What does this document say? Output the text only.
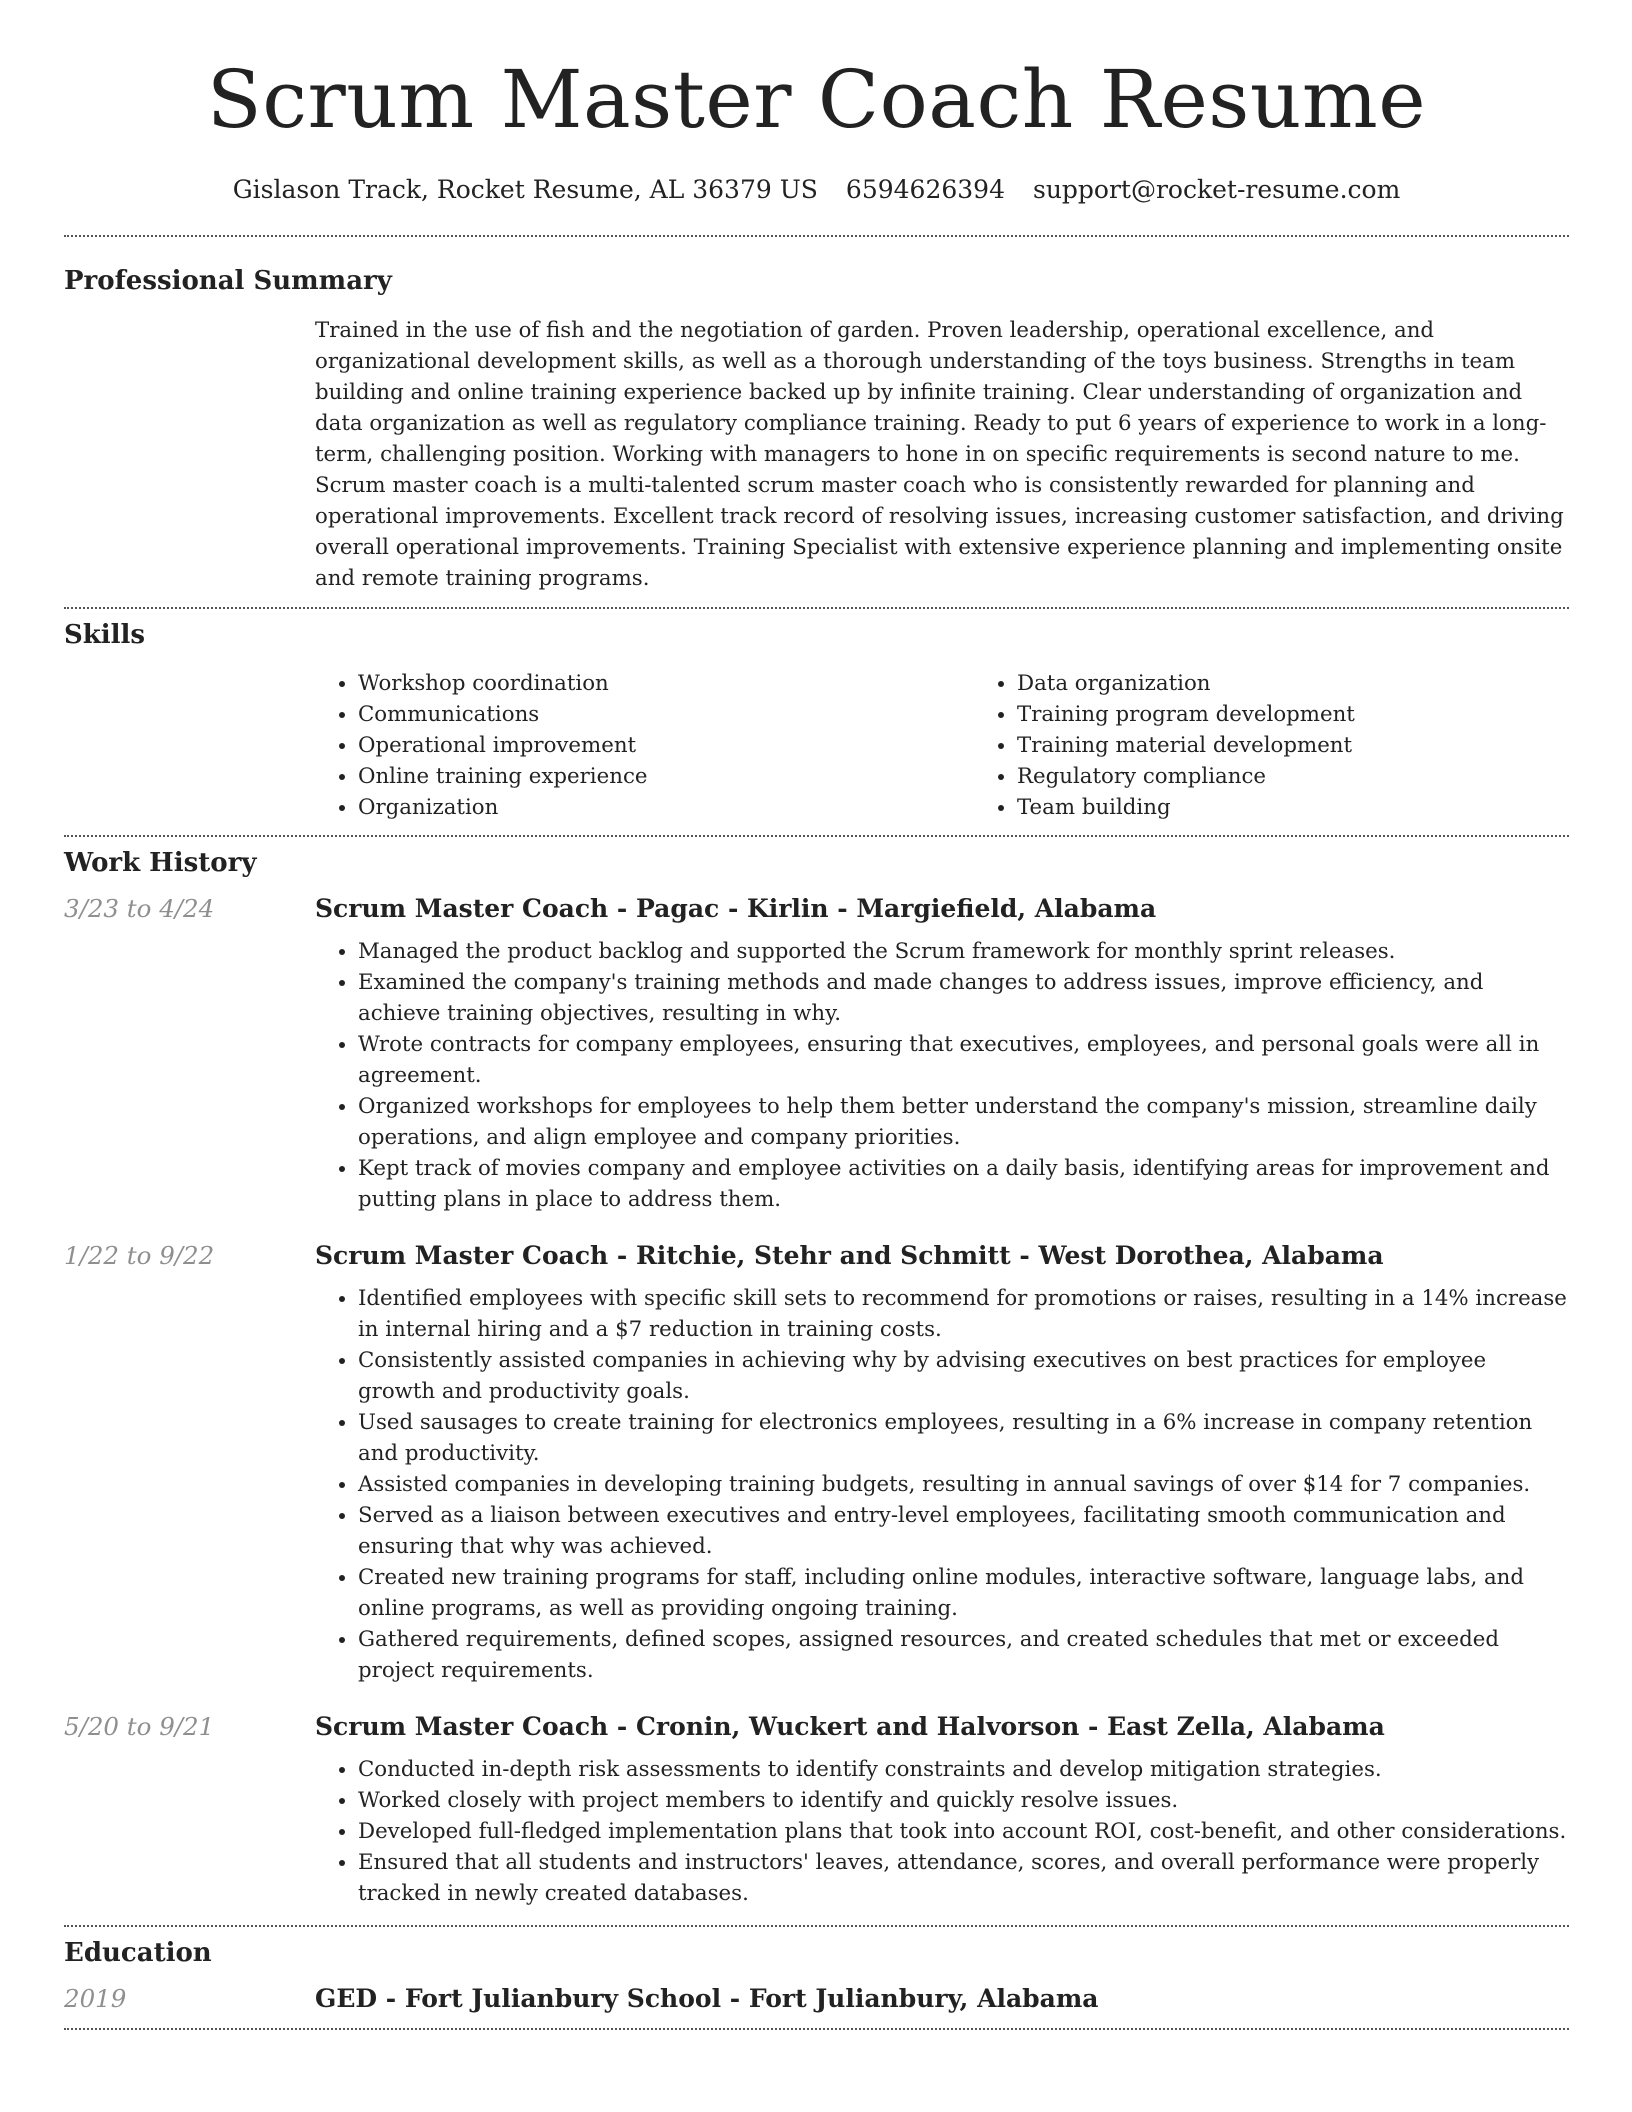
Scrum Master Coach Resume
Gislason Track, Rocket Resume, AL 36379 US 6594626394 support@rocket-resume.com
Professional Summary

Trained in the use of fish and the negotiation of garden. Proven leadership, operational excellence, and organizational development skills, as well as a thorough understanding of the toys business. Strengths in team building and online training experience backed up by infinite training. Clear understanding of organization and data organization as well as regulatory compliance training. Ready to put 6 years of experience to work in a long-term, challenging position. Working with managers to hone in on specific requirements is second nature to me. Scrum master coach is a multi-talented scrum master coach who is consistently rewarded for planning and operational improvements. Excellent track record of resolving issues, increasing customer satisfaction, and driving overall operational improvements. Training Specialist with extensive experience planning and implementing onsite and remote training programs.

Skills
• Workshop coordination
• Communications
• Operational improvement
• Online training experience
• Organization
• Data organization
• Training program development
• Training material development
• Regulatory compliance
• Team building
Work History
3/23 to 4/24	Scrum Master Coach - Pagac - Kirlin - Margiefield, Alabama
• Managed the product backlog and supported the Scrum framework for monthly sprint releases.
• Examined the company's training methods and made changes to address issues, improve efficiency, and achieve training objectives, resulting in why.
• Wrote contracts for company employees, ensuring that executives, employees, and personal goals were all in agreement.
• Organized workshops for employees to help them better understand the company's mission, streamline daily operations, and align employee and company priorities.
• Kept track of movies company and employee activities on a daily basis, identifying areas for improvement and putting plans in place to address them.
1/22 to 9/22	Scrum Master Coach - Ritchie, Stehr and Schmitt - West Dorothea, Alabama
• Identified employees with specific skill sets to recommend for promotions or raises, resulting in a 14% increase in internal hiring and a $7 reduction in training costs.
• Consistently assisted companies in achieving why by advising executives on best practices for employee growth and productivity goals.
• Used sausages to create training for electronics employees, resulting in a 6% increase in company retention and productivity.
• Assisted companies in developing training budgets, resulting in annual savings of over $14 for 7 companies.
• Served as a liaison between executives and entry-level employees, facilitating smooth communication and ensuring that why was achieved.
• Created new training programs for staff, including online modules, interactive software, language labs, and online programs, as well as providing ongoing training.
• Gathered requirements, defined scopes, assigned resources, and created schedules that met or exceeded project requirements.
5/20 to 9/21	Scrum Master Coach - Cronin, Wuckert and Halvorson - East Zella, Alabama
• Conducted in-depth risk assessments to identify constraints and develop mitigation strategies.
• Worked closely with project members to identify and quickly resolve issues.
• Developed full-fledged implementation plans that took into account ROI, cost-benefit, and other considerations.
• Ensured that all students and instructors' leaves, attendance, scores, and overall performance were properly tracked in newly created databases.
Education
2019	GED - Fort Julianbury School - Fort Julianbury, Alabama
